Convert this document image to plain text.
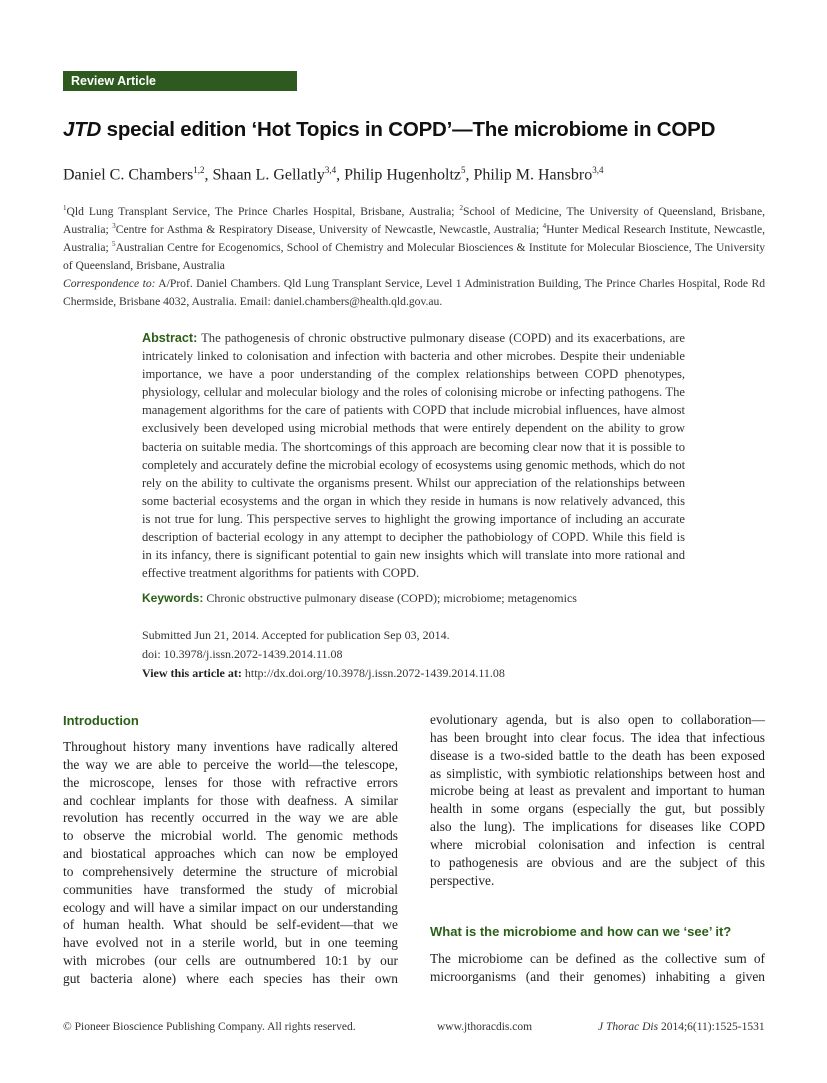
Review Article
JTD special edition ‘Hot Topics in COPD’—The microbiome in COPD
Daniel C. Chambers$^{1,2}$, Shaan L. Gellatly$^{3,4}$, Philip Hugenholtz$^5$, Philip M. Hansbro$^{3,4}$
$^1$Qld Lung Transplant Service, The Prince Charles Hospital, Brisbane, Australia; $^2$School of Medicine, The University of Queensland, Brisbane,
Australia; $^3$Centre for Asthma & Respiratory Disease, University of Newcastle, Newcastle, Australia; $^4$Hunter Medical Research Institute, Newcastle,
Australia; $^5$Australian Centre for Ecogenomics, School of Chemistry and Molecular Biosciences & Institute for Molecular Bioscience, The University
of Queensland, Brisbane, Australia
Correspondence to: A/Prof. Daniel Chambers. Qld Lung Transplant Service, Level 1 Administration Building, The Prince Charles Hospital, Rode Rd
Chermside, Brisbane 4032, Australia. Email: daniel.chambers@health.qld.gov.au.
Abstract: The pathogenesis of chronic obstructive pulmonary disease (COPD) and its exacerbations, are
intricately linked to colonisation and infection with bacteria and other microbes. Despite their undeniable
importance, we have a poor understanding of the complex relationships between COPD phenotypes,
physiology, cellular and molecular biology and the roles of colonising microbe or infecting pathogens. The
management algorithms for the care of patients with COPD that include microbial influences, have almost
exclusively been developed using microbial methods that were entirely dependent on the ability to grow
bacteria on suitable media. The shortcomings of this approach are becoming clear now that it is possible to
completely and accurately define the microbial ecology of ecosystems using genomic methods, which do not
rely on the ability to cultivate the organisms present. Whilst our appreciation of the relationships between
some bacterial ecosystems and the organ in which they reside in humans is now relatively advanced, this
is not true for lung. This perspective serves to highlight the growing importance of including an accurate
description of bacterial ecology in any attempt to decipher the pathobiology of COPD. While this field is
in its infancy, there is significant potential to gain new insights which will translate into more rational and
effective treatment algorithms for patients with COPD.
Keywords: Chronic obstructive pulmonary disease (COPD); microbiome; metagenomics
Submitted Jun 21, 2014. Accepted for publication Sep 03, 2014.
doi: 10.3978/j.issn.2072-1439.2014.11.08
View this article at: http://dx.doi.org/10.3978/j.issn.2072-1439.2014.11.08
Introduction
Throughout history many inventions have radically altered
the way we are able to perceive the world—the telescope,
the microscope, lenses for those with refractive errors
and cochlear implants for those with deafness. A similar
revolution has recently occurred in the way we are able
to observe the microbial world. The genomic methods
and biostatical approaches which can now be employed
to comprehensively determine the structure of microbial
communities have transformed the study of microbial
ecology and will have a similar impact on our understanding
of human health. What should be self-evident—that we
have evolved not in a sterile world, but in one teeming
with microbes (our cells are outnumbered 10:1 by our
gut bacteria alone) where each species has their own
evolutionary agenda, but is also open to collaboration—
has been brought into clear focus. The idea that infectious
disease is a two-sided battle to the death has been exposed
as simplistic, with symbiotic relationships between host and
microbe being at least as prevalent and important to human
health in some organs (especially the gut, but possibly
also the lung). The implications for diseases like COPD
where microbial colonisation and infection is central
to pathogenesis are obvious and are the subject of this
perspective.
What is the microbiome and how can we ‘see’ it?
The microbiome can be defined as the collective sum of
microorganisms (and their genomes) inhabiting a given
© Pioneer Bioscience Publishing Company. All rights reserved.	www.jthoracdis.com	J Thorac Dis 2014;6(11):1525-1531
